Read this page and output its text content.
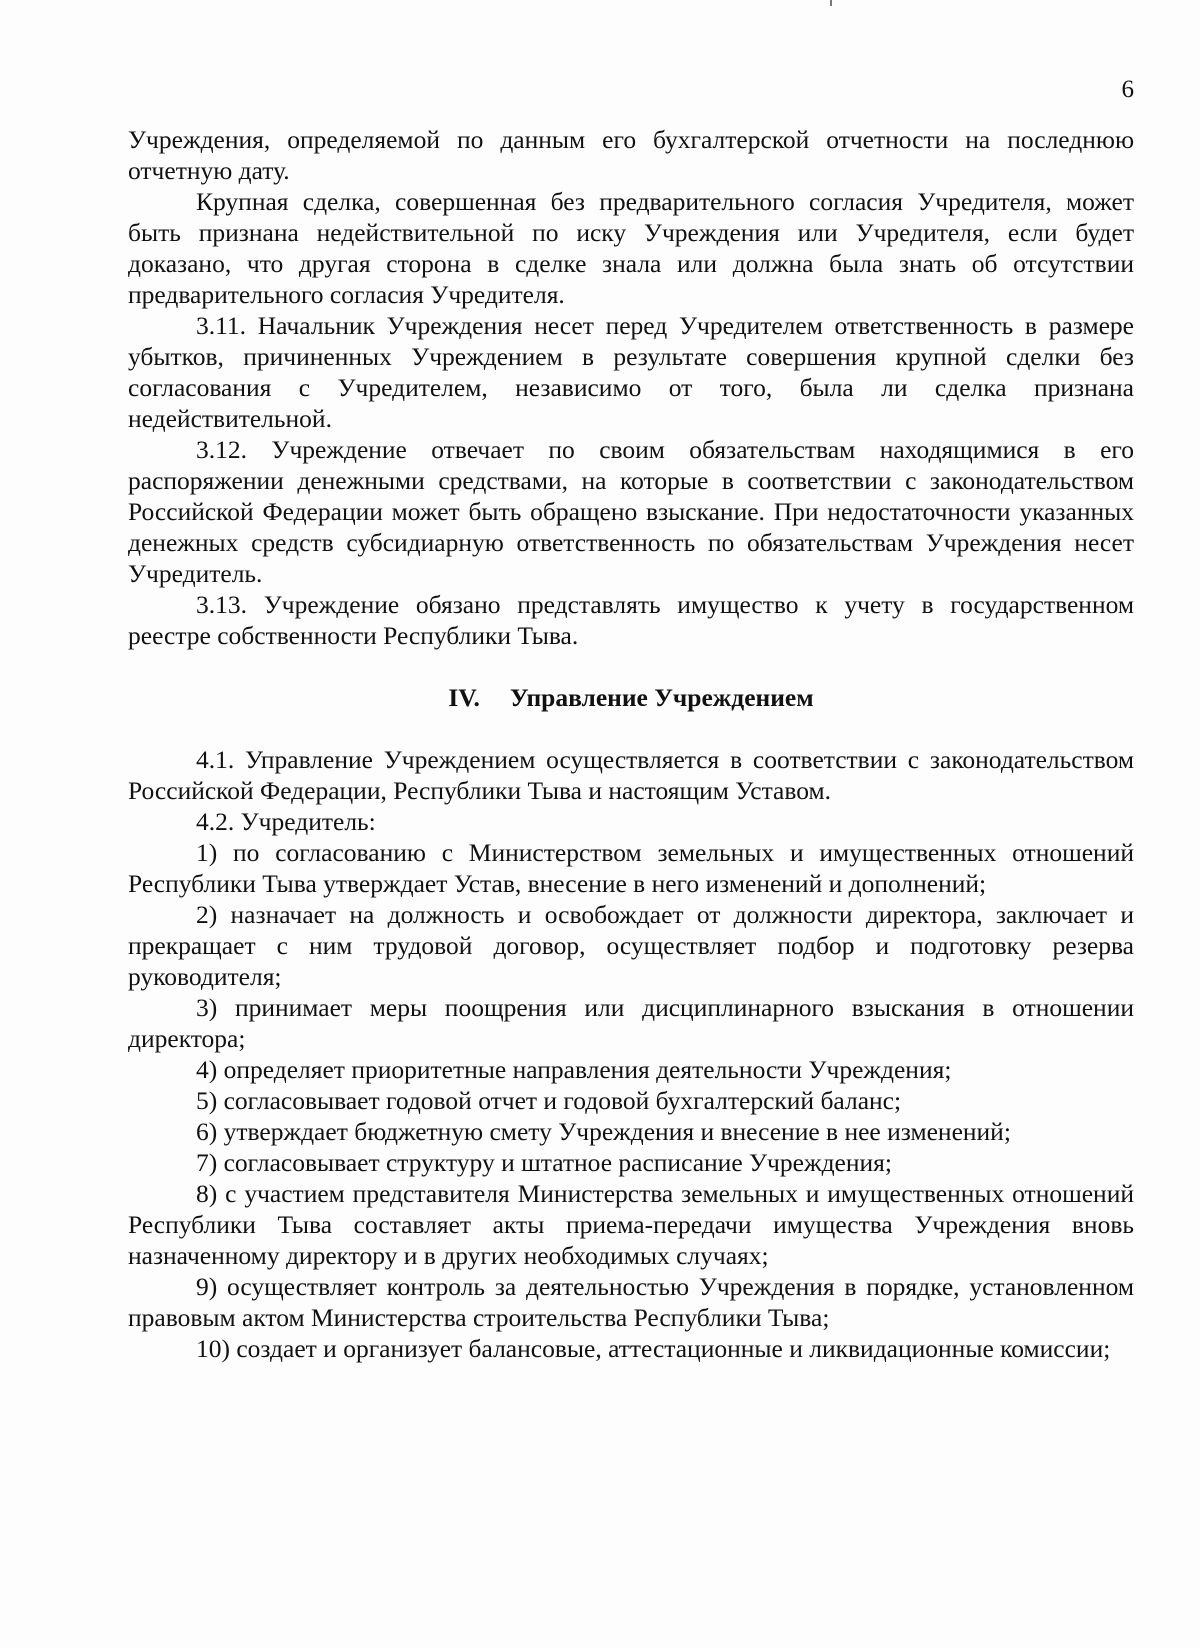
6

Учреждения, определяемой по данным его бухгалтерской отчетности на последнюю отчетную дату.

Крупная сделка, совершенная без предварительного согласия Учредителя, может быть признана недействительной по иску Учреждения или Учредителя, если будет доказано, что другая сторона в сделке знала или должна была знать об отсутствии предварительного согласия Учредителя.

3.11. Начальник Учреждения несет перед Учредителем ответственность в размере убытков, причиненных Учреждением в результате совершения крупной сделки без согласования с Учредителем, независимо от того, была ли сделка признана недействительной.

3.12. Учреждение отвечает по своим обязательствам находящимися в его распоряжении денежными средствами, на которые в соответствии с законодательством Российской Федерации может быть обращено взыскание. При недостаточности указанных денежных средств субсидиарную ответственность по обязательствам Учреждения несет Учредитель.

3.13. Учреждение обязано представлять имущество к учету в государственном реестре собственности Республики Тыва.

IV. Управление Учреждением

4.1. Управление Учреждением осуществляется в соответствии с законодательством Российской Федерации, Республики Тыва и настоящим Уставом.

4.2. Учредитель:

1) по согласованию с Министерством земельных и имущественных отношений Республики Тыва утверждает Устав, внесение в него изменений и дополнений;

2) назначает на должность и освобождает от должности директора, заключает и прекращает с ним трудовой договор, осуществляет подбор и подготовку резерва руководителя;

3) принимает меры поощрения или дисциплинарного взыскания в отношении директора;

4) определяет приоритетные направления деятельности Учреждения;

5) согласовывает годовой отчет и годовой бухгалтерский баланс;

6) утверждает бюджетную смету Учреждения и внесение в нее изменений;

7) согласовывает структуру и штатное расписание Учреждения;

8) с участием представителя Министерства земельных и имущественных отношений Республики Тыва составляет акты приема-передачи имущества Учреждения вновь назначенному директору и в других необходимых случаях;

9) осуществляет контроль за деятельностью Учреждения в порядке, установленном правовым актом Министерства строительства Республики Тыва;

10) создает и организует балансовые, аттестационные и ликвидационные комиссии;
